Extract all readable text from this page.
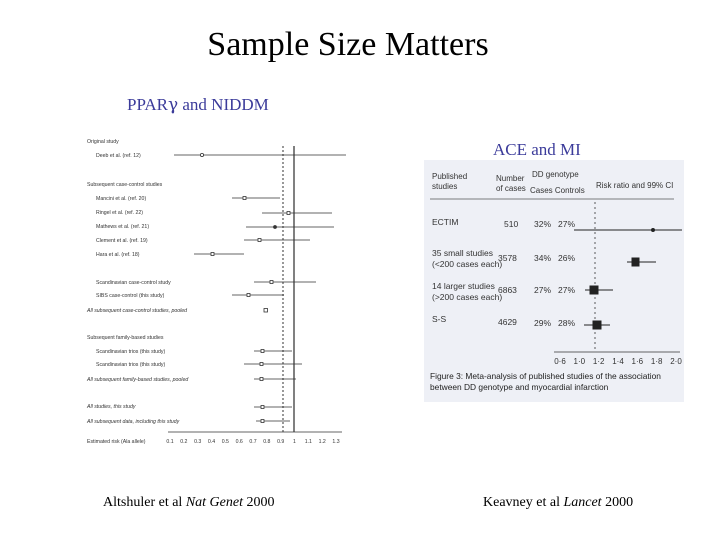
Sample Size Matters
PPARγ and NIDDM
ACE and MI
Original study
Deeb et al. (ref. 12)
Subsequent case-control studies
Mancini et al. (ref. 20)
Ringel et al. (ref. 22)
Mathews et al. (ref. 21)
Clement et al. (ref. 19)
Hara et al. (ref. 18)
Scandinavian case-control study
SIBS case-control (this study)
All subsequent case-control studies, pooled
Subsequent family-based studies
Scandinavian trios (this study)
Scandinavian trios (this study)
All subsequent family-based studies, pooled
All studies, this study
All subsequent data, including this study
Estimated risk (Ala allele)	0.1 0.2 0.3 0.4 0.5 0.6 0.7 0.8 0.9 1 1.1 1.2 1.3
Published
studies
Number
of cases
DD genotype
Cases Controls
Risk ratio and 99% CI
ECTIM	510 32% 27%
35 small studies
(<200 cases each)
3578 34% 26%
14 larger studies
(>200 cases each)
6863 27% 27%
S-S	4629 29% 28%
0·6 1·0 1·2 1·4 1·6 1·8 2·0
Figure 3: Meta-analysis of published studies of the association
between DD genotype and myocardial infarction
Altshuler et al Nat Genet 2000	Keavney et al Lancet 2000
